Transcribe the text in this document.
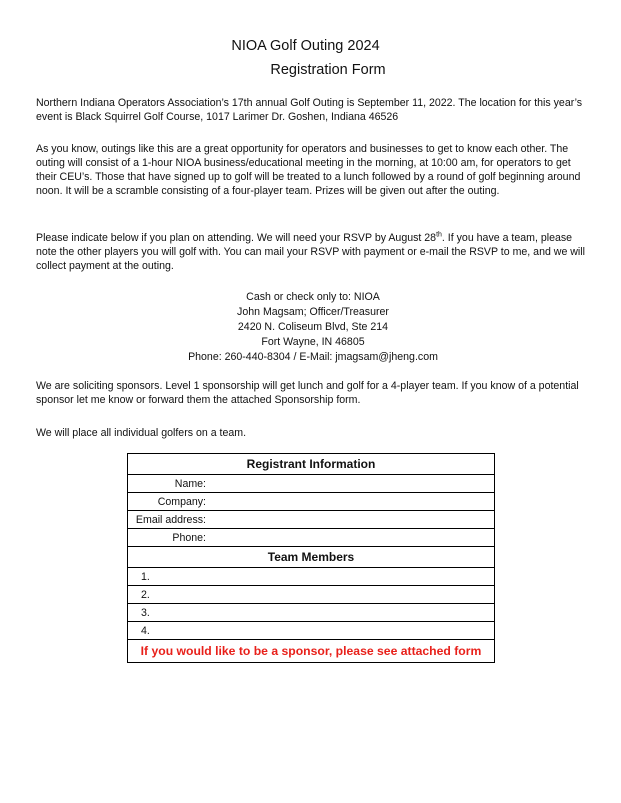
NIOA Golf Outing 2024
Registration Form
Northern Indiana Operators Association’s 17th annual Golf Outing is September 11, 2022. The location for this year’s event is Black Squirrel Golf Course, 1017 Larimer Dr. Goshen, Indiana 46526
As you know, outings like this are a great opportunity for operators and businesses to get to know each other. The outing will consist of a 1-hour NIOA business/educational meeting in the morning, at 10:00 am, for operators to get their CEU’s. Those that have signed up to golf will be treated to a lunch followed by a round of golf beginning around noon. It will be a scramble consisting of a four-player team. Prizes will be given out after the outing.
Please indicate below if you plan on attending. We will need your RSVP by August 28th. If you have a team, please note the other players you will golf with. You can mail your RSVP with payment or e-mail the RSVP to me, and we will collect payment at the outing.
Cash or check only to: NIOA
John Magsam; Officer/Treasurer
2420 N. Coliseum Blvd, Ste 214
Fort Wayne, IN 46805
Phone: 260-440-8304 / E-Mail: jmagsam@jheng.com
We are soliciting sponsors. Level 1 sponsorship will get lunch and golf for a 4-player team. If you know of a potential sponsor let me know or forward them the attached Sponsorship form.
We will place all individual golfers on a team.
Registrant Information	
Name:	
Company:	
Email address:	
Phone:	
Team Members	
1.	
2.	
3.	
4.	
If you would like to be a sponsor, please see attached form	
